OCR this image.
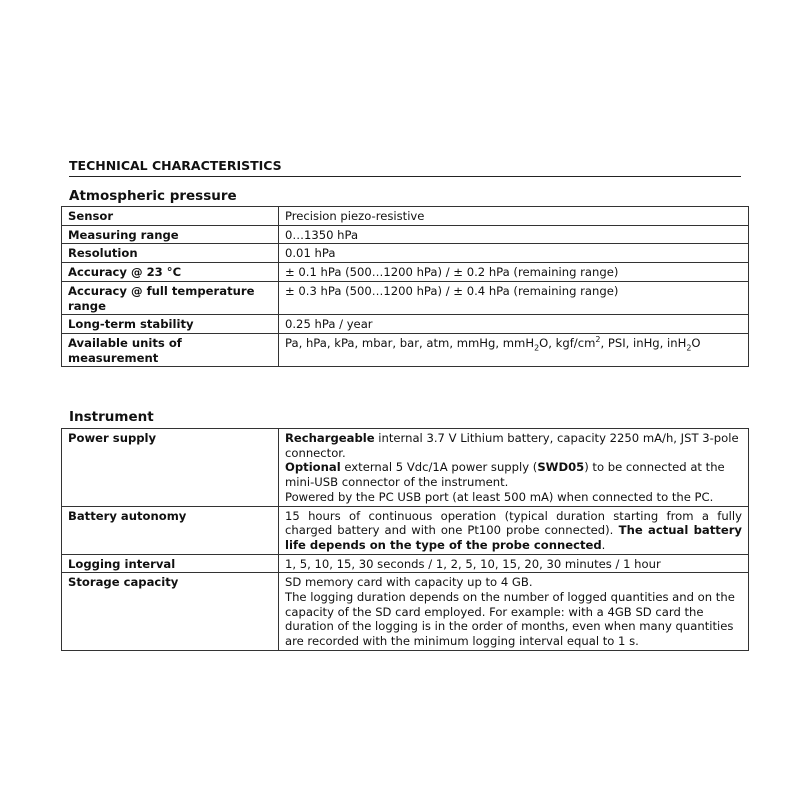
TECHNICAL CHARACTERISTICS
Atmospheric pressure
Sensor	Precision piezo-resistive
Measuring range	0…1350 hPa
Resolution	0.01 hPa
Accuracy @ 23 °C	± 0.1 hPa (500…1200 hPa) / ± 0.2 hPa (remaining range)
Accuracy @ full temperature range	± 0.3 hPa (500…1200 hPa) / ± 0.4 hPa (remaining range)
Long-term stability	0.25 hPa / year
Available units of measurement	Pa, hPa, kPa, mbar, bar, atm, mmHg, mmH$_2$O, kgf/$cm^2$, PSI, inHg, inH$_2$O
Instrument
Power supply	Rechargeable internal 3.7 V Lithium battery, capacity 2250 mA/h, JST 3-pole connector.
Optional external 5 Vdc/1A power supply (SWD05) to be connected at the mini-USB connector of the instrument.
Powered by the PC USB port (at least 500 mA) when connected to the PC.

Battery autonomy	15 hours of continuous operation (typical duration starting from a fully charged battery and with one Pt100 probe connected). The actual battery life depends on the type of the probe connected.
Logging interval	1, 5, 10, 15, 30 seconds / 1, 2, 5, 10, 15, 20, 30 minutes / 1 hour
Storage capacity	SD memory card with capacity up to 4 GB.
The logging duration depends on the number of logged quantities and on the capacity of the SD card employed. For example: with a 4GB SD card the duration of the logging is in the order of months, even when many quantities are recorded with the minimum logging interval equal to 1 s.
